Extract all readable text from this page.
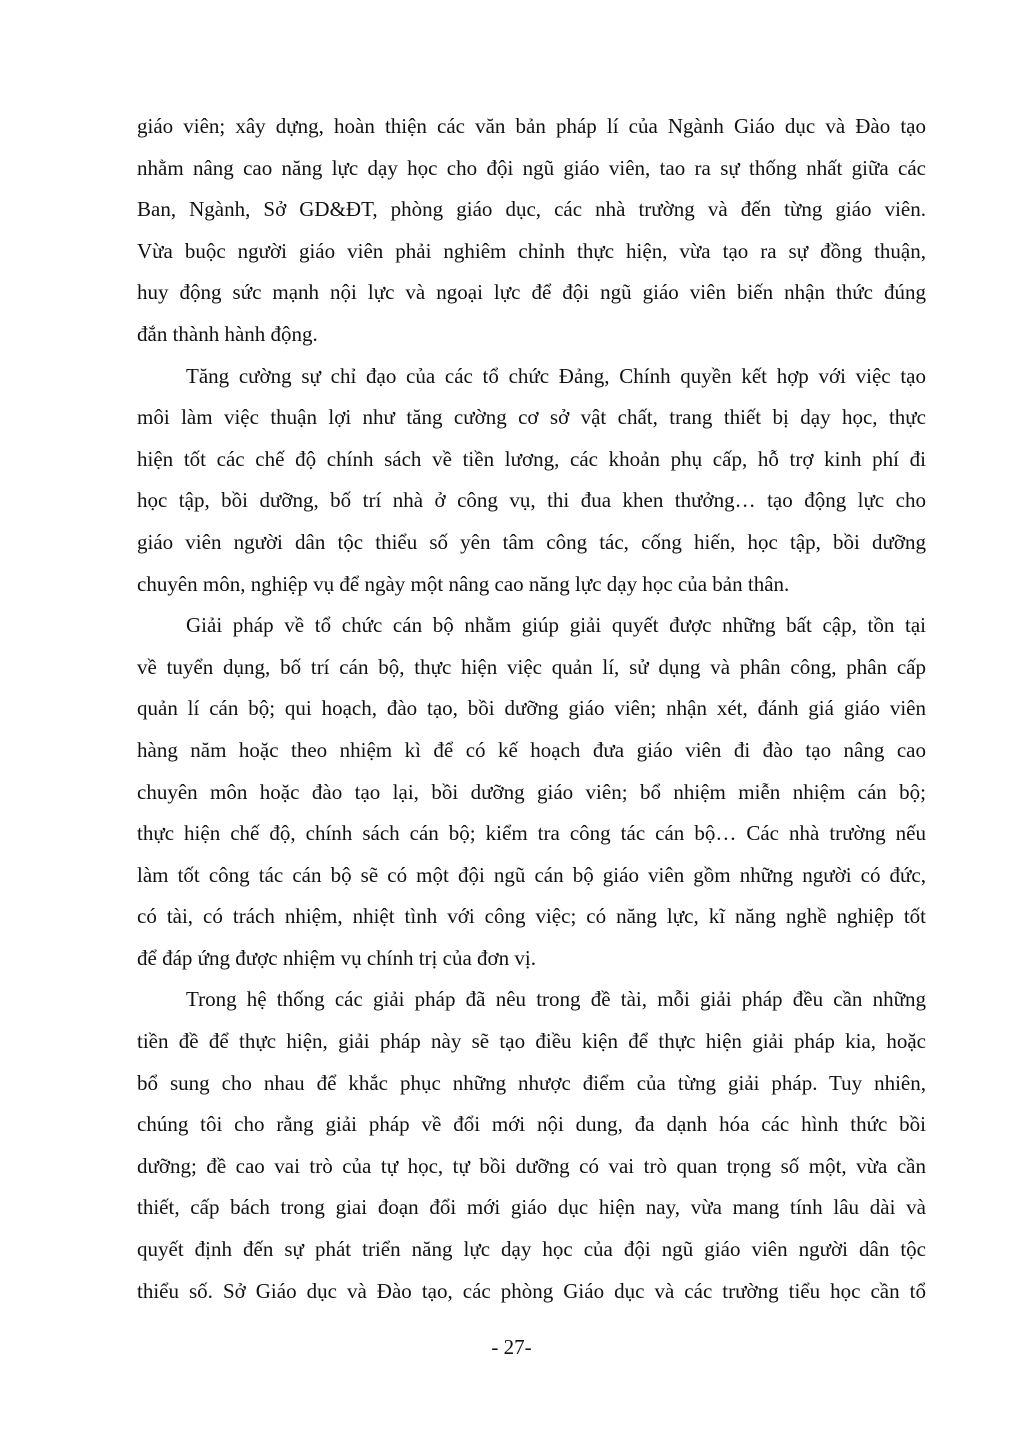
giáo viên; xây dựng, hoàn thiện các văn bản pháp lí của Ngành Giáo dục và Đào tạo
nhằm nâng cao năng lực dạy học cho đội ngũ giáo viên, tao ra sự thống nhất giữa các
Ban, Ngành, Sở GD&ĐT, phòng giáo dục, các nhà trường và đến từng giáo viên.
Vừa buộc người giáo viên phải nghiêm chỉnh thực hiện, vừa tạo ra sự đồng thuận,
huy động sức mạnh nội lực và ngoại lực để đội ngũ giáo viên biến nhận thức đúng
đắn thành hành động.
Tăng cường sự chỉ đạo của các tổ chức Đảng, Chính quyền kết hợp với việc tạo
môi làm việc thuận lợi như tăng cường cơ sở vật chất, trang thiết bị dạy học, thực
hiện tốt các chế độ chính sách về tiền lương, các khoản phụ cấp, hỗ trợ kinh phí đi
học tập, bồi dưỡng, bố trí nhà ở công vụ, thi đua khen thưởng… tạo động lực cho
giáo viên người dân tộc thiểu số yên tâm công tác, cống hiến, học tập, bồi dưỡng
chuyên môn, nghiệp vụ để ngày một nâng cao năng lực dạy học của bản thân.
Giải pháp về tổ chức cán bộ nhằm giúp giải quyết được những bất cập, tồn tại
về tuyển dụng, bố trí cán bộ, thực hiện việc quản lí, sử dụng và phân công, phân cấp
quản lí cán bộ; qui hoạch, đào tạo, bồi dưỡng giáo viên; nhận xét, đánh giá giáo viên
hàng năm hoặc theo nhiệm kì để có kế hoạch đưa giáo viên đi đào tạo nâng cao
chuyên môn hoặc đào tạo lại, bồi dưỡng giáo viên; bổ nhiệm miễn nhiệm cán bộ;
thực hiện chế độ, chính sách cán bộ; kiểm tra công tác cán bộ… Các nhà trường nếu
làm tốt công tác cán bộ sẽ có một đội ngũ cán bộ giáo viên gồm những người có đức,
có tài, có trách nhiệm, nhiệt tình với công việc; có năng lực, kĩ năng nghề nghiệp tốt
để đáp ứng được nhiệm vụ chính trị của đơn vị.
Trong hệ thống các giải pháp đã nêu trong đề tài, mỗi giải pháp đều cần những
tiền đề để thực hiện, giải pháp này sẽ tạo điều kiện để thực hiện giải pháp kia, hoặc
bổ sung cho nhau để khắc phục những nhược điểm của từng giải pháp. Tuy nhiên,
chúng tôi cho rằng giải pháp về đổi mới nội dung, đa dạnh hóa các hình thức bồi
dưỡng; đề cao vai trò của tự học, tự bồi dưỡng có vai trò quan trọng số một, vừa cần
thiết, cấp bách trong giai đoạn đổi mới giáo dục hiện nay, vừa mang tính lâu dài và
quyết định đến sự phát triển năng lực dạy học của đội ngũ giáo viên người dân tộc
thiểu số. Sở Giáo dục và Đào tạo, các phòng Giáo dục và các trường tiểu học cần tổ
- 27-
